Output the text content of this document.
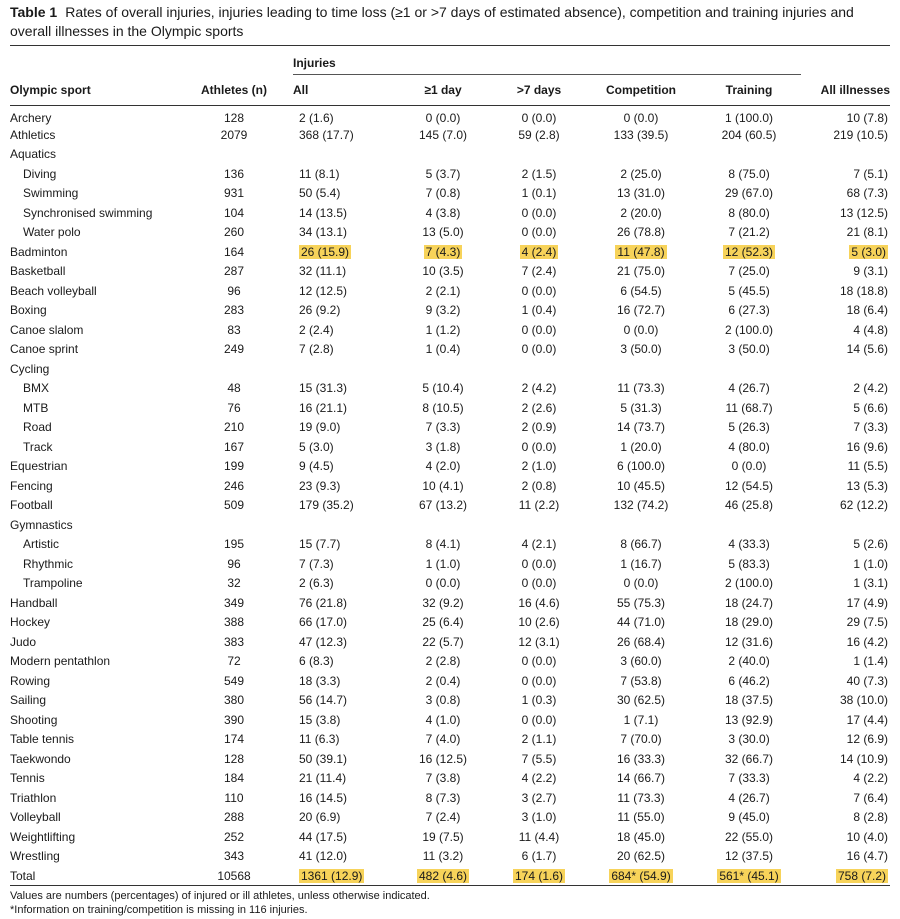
Table 1 Rates of overall injuries, injuries leading to time loss (≥1 or >7 days of estimated absence), competition and training injuries and overall illnesses in the Olympic sports

		Injuries					
Olympic sport	Athletes (n)	All	≥1 day	>7 days	Competition	Training	All illnesses
Archery	128	2 (1.6)	0 (0.0)	0 (0.0)	0 (0.0)	1 (100.0)	10 (7.8)
Athletics	2079	368 (17.7)	145 (7.0)	59 (2.8)	133 (39.5)	204 (60.5)	219 (10.5)
Aquatics							
Diving	136	11 (8.1)	5 (3.7)	2 (1.5)	2 (25.0)	8 (75.0)	7 (5.1)
Swimming	931	50 (5.4)	7 (0.8)	1 (0.1)	13 (31.0)	29 (67.0)	68 (7.3)
Synchronised swimming	104	14 (13.5)	4 (3.8)	0 (0.0)	2 (20.0)	8 (80.0)	13 (12.5)
Water polo	260	34 (13.1)	13 (5.0)	0 (0.0)	26 (78.8)	7 (21.2)	21 (8.1)
Badminton	164	26 (15.9)	7 (4.3)	4 (2.4)	11 (47.8)	12 (52.3)	5 (3.0)
Basketball	287	32 (11.1)	10 (3.5)	7 (2.4)	21 (75.0)	7 (25.0)	9 (3.1)
Beach volleyball	96	12 (12.5)	2 (2.1)	0 (0.0)	6 (54.5)	5 (45.5)	18 (18.8)
Boxing	283	26 (9.2)	9 (3.2)	1 (0.4)	16 (72.7)	6 (27.3)	18 (6.4)
Canoe slalom	83	2 (2.4)	1 (1.2)	0 (0.0)	0 (0.0)	2 (100.0)	4 (4.8)
Canoe sprint	249	7 (2.8)	1 (0.4)	0 (0.0)	3 (50.0)	3 (50.0)	14 (5.6)
Cycling							
BMX	48	15 (31.3)	5 (10.4)	2 (4.2)	11 (73.3)	4 (26.7)	2 (4.2)
MTB	76	16 (21.1)	8 (10.5)	2 (2.6)	5 (31.3)	11 (68.7)	5 (6.6)
Road	210	19 (9.0)	7 (3.3)	2 (0.9)	14 (73.7)	5 (26.3)	7 (3.3)
Track	167	5 (3.0)	3 (1.8)	0 (0.0)	1 (20.0)	4 (80.0)	16 (9.6)
Equestrian	199	9 (4.5)	4 (2.0)	2 (1.0)	6 (100.0)	0 (0.0)	11 (5.5)
Fencing	246	23 (9.3)	10 (4.1)	2 (0.8)	10 (45.5)	12 (54.5)	13 (5.3)
Football	509	179 (35.2)	67 (13.2)	11 (2.2)	132 (74.2)	46 (25.8)	62 (12.2)
Gymnastics							
Artistic	195	15 (7.7)	8 (4.1)	4 (2.1)	8 (66.7)	4 (33.3)	5 (2.6)
Rhythmic	96	7 (7.3)	1 (1.0)	0 (0.0)	1 (16.7)	5 (83.3)	1 (1.0)
Trampoline	32	2 (6.3)	0 (0.0)	0 (0.0)	0 (0.0)	2 (100.0)	1 (3.1)
Handball	349	76 (21.8)	32 (9.2)	16 (4.6)	55 (75.3)	18 (24.7)	17 (4.9)
Hockey	388	66 (17.0)	25 (6.4)	10 (2.6)	44 (71.0)	18 (29.0)	29 (7.5)
Judo	383	47 (12.3)	22 (5.7)	12 (3.1)	26 (68.4)	12 (31.6)	16 (4.2)
Modern pentathlon	72	6 (8.3)	2 (2.8)	0 (0.0)	3 (60.0)	2 (40.0)	1 (1.4)
Rowing	549	18 (3.3)	2 (0.4)	0 (0.0)	7 (53.8)	6 (46.2)	40 (7.3)
Sailing	380	56 (14.7)	3 (0.8)	1 (0.3)	30 (62.5)	18 (37.5)	38 (10.0)
Shooting	390	15 (3.8)	4 (1.0)	0 (0.0)	1 (7.1)	13 (92.9)	17 (4.4)
Table tennis	174	11 (6.3)	7 (4.0)	2 (1.1)	7 (70.0)	3 (30.0)	12 (6.9)
Taekwondo	128	50 (39.1)	16 (12.5)	7 (5.5)	16 (33.3)	32 (66.7)	14 (10.9)
Tennis	184	21 (11.4)	7 (3.8)	4 (2.2)	14 (66.7)	7 (33.3)	4 (2.2)
Triathlon	110	16 (14.5)	8 (7.3)	3 (2.7)	11 (73.3)	4 (26.7)	7 (6.4)
Volleyball	288	20 (6.9)	7 (2.4)	3 (1.0)	11 (55.0)	9 (45.0)	8 (2.8)
Weightlifting	252	44 (17.5)	19 (7.5)	11 (4.4)	18 (45.0)	22 (55.0)	10 (4.0)
Wrestling	343	41 (12.0)	11 (3.2)	6 (1.7)	20 (62.5)	12 (37.5)	16 (4.7)
Total	10568	1361 (12.9)	482 (4.6)	174 (1.6)	684* (54.9)	561* (45.1)	758 (7.2)
Values are numbers (percentages) of injured or ill athletes, unless otherwise indicated.
*Information on training/competition is missing in 116 injuries.
